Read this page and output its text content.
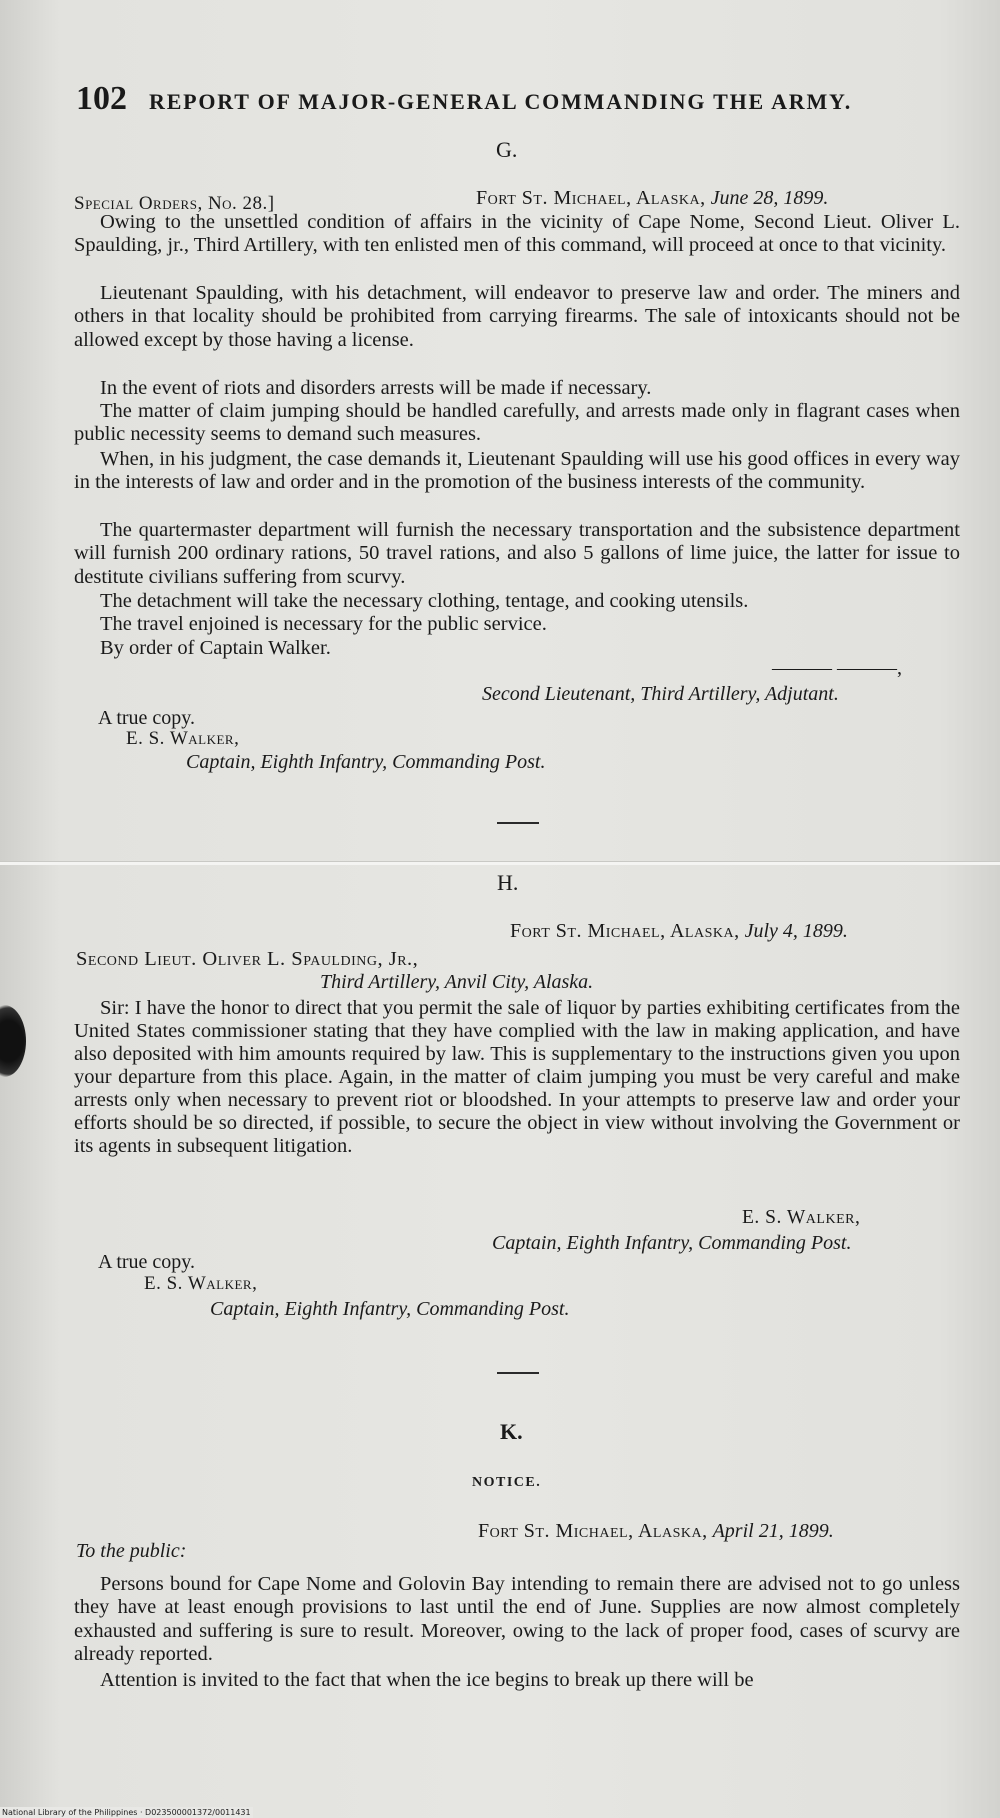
102 REPORT OF MAJOR-GENERAL COMMANDING THE ARMY.
G.
Special Orders, No. 28.]	Fort St. Michael, Alaska, June 28, 1899.
Owing to the unsettled condition of affairs in the vicinity of Cape Nome, Second Lieut. Oliver L. Spaulding, jr., Third Artillery, with ten enlisted men of this command, will proceed at once to that vicinity.
Lieutenant Spaulding, with his detachment, will endeavor to preserve law and order. The miners and others in that locality should be prohibited from carrying firearms. The sale of intoxicants should not be allowed except by those having a license.
In the event of riots and disorders arrests will be made if necessary.
The matter of claim jumping should be handled carefully, and arrests made only in flagrant cases when public necessity seems to demand such measures.
When, in his judgment, the case demands it, Lieutenant Spaulding will use his good offices in every way in the interests of law and order and in the promotion of the business interests of the community.
The quartermaster department will furnish the necessary transportation and the subsistence department will furnish 200 ordinary rations, 50 travel rations, and also 5 gallons of lime juice, the latter for issue to destitute civilians suffering from scurvy.
The detachment will take the necessary clothing, tentage, and cooking utensils.
The travel enjoined is necessary for the public service.
By order of Captain Walker.
——— ———,
Second Lieutenant, Third Artillery, Adjutant.
A true copy.
E. S. Walker,
Captain, Eighth Infantry, Commanding Post.
H.
Fort St. Michael, Alaska, July 4, 1899.
Second Lieut. Oliver L. Spaulding, Jr.,
Third Artillery, Anvil City, Alaska.
Sir: I have the honor to direct that you permit the sale of liquor by parties exhibiting certificates from the United States commissioner stating that they have complied with the law in making application, and have also deposited with him amounts required by law. This is supplementary to the instructions given you upon your departure from this place. Again, in the matter of claim jumping you must be very careful and make arrests only when necessary to prevent riot or bloodshed. In your attempts to preserve law and order your efforts should be so directed, if possible, to secure the object in view without involving the Government or its agents in subsequent litigation.
E. S. Walker,
Captain, Eighth Infantry, Commanding Post.
A true copy.
E. S. Walker,
Captain, Eighth Infantry, Commanding Post.
K.
NOTICE.
Fort St. Michael, Alaska, April 21, 1899.
To the public:
Persons bound for Cape Nome and Golovin Bay intending to remain there are advised not to go unless they have at least enough provisions to last until the end of June. Supplies are now almost completely exhausted and suffering is sure to result. Moreover, owing to the lack of proper food, cases of scurvy are already reported.
Attention is invited to the fact that when the ice begins to break up there will be
National Library of the Philippines · D023500001372/0011431
